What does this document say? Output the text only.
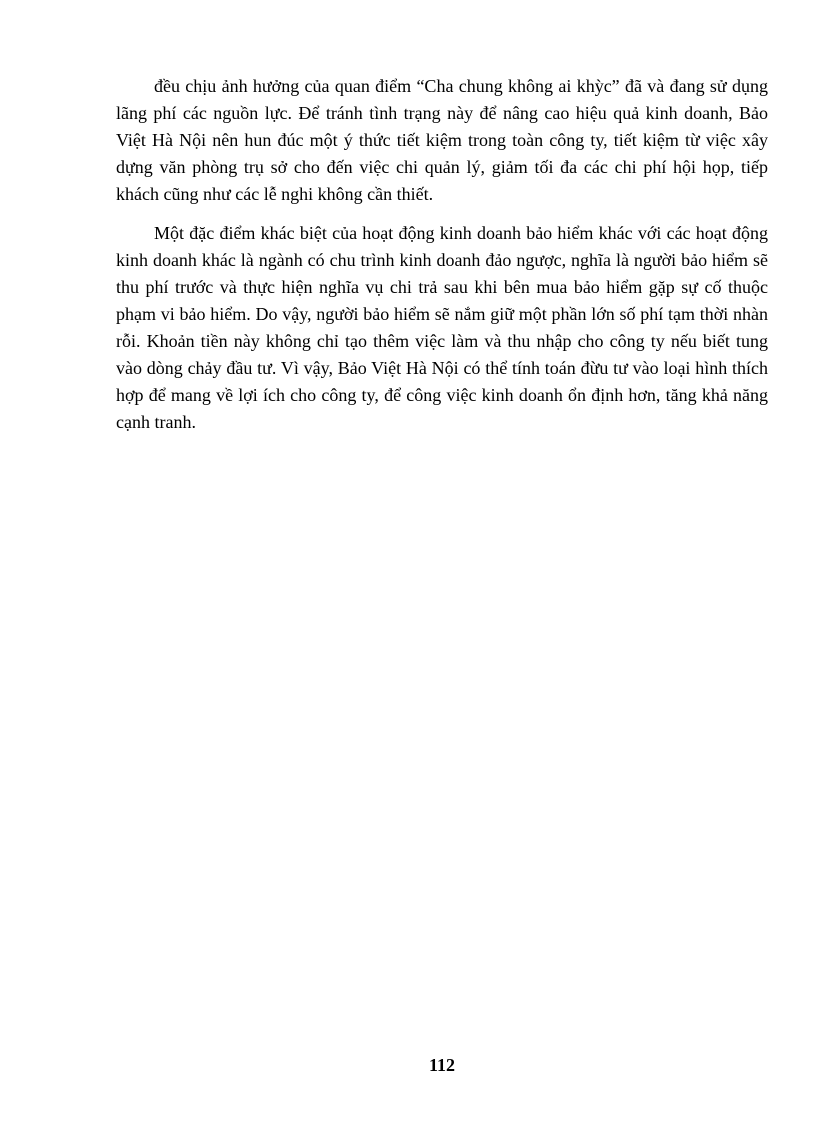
đều chịu ảnh hưởng của quan điểm “Cha chung không ai khỳc” đã và đang sử dụng lãng phí các nguồn lực. Để tránh tình trạng này để nâng cao hiệu quả kinh doanh, Bảo Việt Hà Nội nên hun đúc một ý thức tiết kiệm trong toàn công ty, tiết kiệm từ việc xây dựng văn phòng trụ sở cho đến việc chi quản lý, giảm tối đa các chi phí hội họp, tiếp khách cũng như các lễ nghi không cần thiết.

Một đặc điểm khác biệt của hoạt động kinh doanh bảo hiểm khác với các hoạt động kinh doanh khác là ngành có chu trình kinh doanh đảo ngược, nghĩa là người bảo hiểm sẽ thu phí trước và thực hiện nghĩa vụ chi trả sau khi bên mua bảo hiểm gặp sự cố thuộc phạm vi bảo hiểm. Do vậy, người bảo hiểm sẽ nắm giữ một phần lớn số phí tạm thời nhàn rỗi. Khoản tiền này không chỉ tạo thêm việc làm và thu nhập cho công ty nếu biết tung vào dòng chảy đầu tư. Vì vậy, Bảo Việt Hà Nội có thể tính toán đừu tư vào loại hình thích hợp để mang về lợi ích cho công ty, để công việc kinh doanh ổn định hơn, tăng khả năng cạnh tranh.

112
